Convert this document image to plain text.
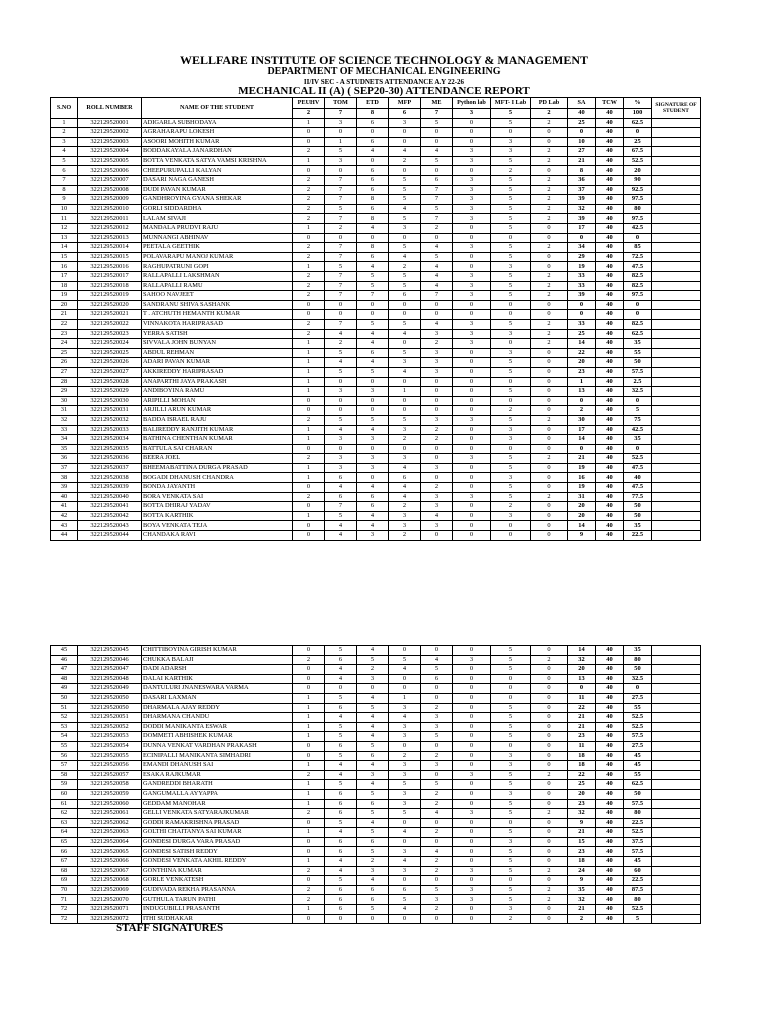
WELLFARE INSTITUTE OF SCIENCE TECHNOLOGY & MANAGEMENT
DEPARTMENT OF MECHANICAL ENGINEERING
II/IV SEC - A STUDNETS ATTENDANCE A.Y 22-26
MECHANICAL II (A) ( SEP20-30) ATTENDANCE REPORT
S.NO	ROLL NUMBER	NAME OF THE STUDENT	PEUHV	TOM	ETD	MFP	ME	Python lab	MFT- I Lab	PD Lab	SA	TCW	%	SIGNATURE OF STUDENT
			2	7	8	6	7	3	5	2	40	40	100	
1	322129520001	ADIGARLA SUBHODAYA	1	3	6	3	5	0	5	2	25	40	62.5	
2	322129520002	AGRAHARAPU LOKESH	0	0	0	0	0	0	0	0	0	40	0	
3	322129520003	ASOORI MOHITH KUMAR	0	1	6	0	0	0	3	0	10	40	25	
4	322129520004	BODDAKAYALA JANARDHAN	2	5	4	4	4	3	3	2	27	40	67.5	
5	322129520005	BOTTA VENKATA SATYA VAMSI KRISHNA	1	3	0	2	5	3	5	2	21	40	52.5	
6	322129520006	CHEEPURUPALLI KALYAN	0	0	6	0	0	0	2	0	8	40	20	
7	322129520007	DASARI NAGA GANESH	2	7	6	5	6	3	5	2	36	40	90	
8	322129520008	DUDI PAVAN KUMAR	2	7	6	5	7	3	5	2	37	40	92.5	
9	322129520009	GANDHROYINA GYANA SHEKAR	2	7	8	5	7	3	5	2	39	40	97.5	
10	322129520010	GORLI SIDDARDHA	2	5	6	4	5	3	5	2	32	40	80	
11	322129520011	LALAM SIVAJI	2	7	8	5	7	3	5	2	39	40	97.5	
12	322129520012	MANDALA PRUDVI RAJU	1	2	4	3	2	0	5	0	17	40	42.5	
13	322129520013	MUNNANGI ABHINAV	0	0	0	0	0	0	0	0	0	40	0	
14	322129520014	PEETALA GEETHIK	2	7	8	5	4	3	5	2	34	40	85	
15	322129520015	POLAVARAPU MANOJ KUMAR	2	7	6	4	5	0	5	0	29	40	72.5	
16	322129520016	RAGHUPATRUNI GOPI	1	5	4	2	4	0	3	0	19	40	47.5	
17	322129520017	RALLAPALLI LAKSHMAN	2	7	5	5	4	3	5	2	33	40	82.5	
18	322129520018	RALLAPALLI RAMU	2	7	5	5	4	3	5	2	33	40	82.5	
19	322129520019	SAHOO NAVJEET	2	7	7	6	7	3	5	2	39	40	97.5	
20	322129520020	SANDRANU SHIVA SASHANK	0	0	0	0	0	0	0	0	0	40	0	
21	322129520021	T . ATCHUTH HEMANTH KUMAR	0	0	0	0	0	0	0	0	0	40	0	
22	322129520022	VINNAKOTA HARIPRASAD	2	7	5	5	4	3	5	2	33	40	82.5	
23	322129520023	YERRA SATISH	2	4	4	4	3	3	3	2	25	40	62.5	
24	322129520024	SIVVALA JOHN BUNYAN	1	2	4	0	2	3	0	2	14	40	35	
25	322129520025	ABDUL REHMAN	1	5	6	5	3	0	3	0	22	40	55	
26	322129520026	ADARI PAVAN KUMAR	1	4	4	3	3	0	5	0	20	40	50	
27	322129520027	AKKIREDDY HARIPRASAD	1	5	5	4	3	0	5	0	23	40	57.5	
28	322129520028	ANAPARTHI JAYA PRAKASH	1	0	0	0	0	0	0	0	1	40	2.5	
29	322129520029	ANDIBOYINA RAMU	1	3	3	1	0	0	5	0	13	40	32.5	
30	322129520030	ARIPILLI MOHAN	0	0	0	0	0	0	0	0	0	40	0	
31	322129520031	ARJILLI ARUN KUMAR	0	0	0	0	0	0	2	0	2	40	5	
32	322129520032	BADDA ISRAEL RAJU	2	5	5	5	3	3	5	2	30	40	75	
33	322129520033	BALIREDDY RANJITH KUMAR	1	4	4	3	2	0	3	0	17	40	42.5	
34	322129520034	BATHINA CHENTHAN KUMAR	1	3	3	2	2	0	3	0	14	40	35	
35	322129520035	BATTULA SAI CHARAN	0	0	0	0	0	0	0	0	0	40	0	
36	322129520036	BEERA JOEL	2	3	3	3	0	3	5	2	21	40	52.5	
37	322129520037	BHEEMABATTINA DURGA PRASAD	1	3	3	4	3	0	5	0	19	40	47.5	
38	322129520038	BOGADI DHANUSH CHANDRA	1	6	0	6	0	0	3	0	16	40	40	
39	322129520039	BONDA JAYANTH	0	4	4	4	2	0	5	0	19	40	47.5	
40	322129520040	BORA VENKATA SAI	2	6	6	4	3	3	5	2	31	40	77.5	
41	322129520041	BOTTA DHIRAJ YADAV	0	7	6	2	3	0	2	0	20	40	50	
42	322129520042	BOTTA KARTHIK	1	5	4	3	4	0	3	0	20	40	50	
43	322129520043	BOYA VENKATA TEJA	0	4	4	3	3	0	0	0	14	40	35	
44	322129520044	CHANDAKA RAVI	0	4	3	2	0	0	0	0	9	40	22.5	
45	322129520045	CHITTIBOYINA GIRISH KUMAR	0	5	4	0	0	0	5	0	14	40	35	
46	322129520046	CHUKKA BALAJI	2	6	5	5	4	3	5	2	32	40	80	
47	322129520047	DADI ADARSH	0	4	2	4	5	0	5	0	20	40	50	
48	322129520048	DALAI KARTHIK	0	4	3	0	6	0	0	0	13	40	32.5	
49	322129520049	DANTULURI JNANESWARA VARMA	0	0	0	0	0	0	0	0	0	40	0	
50	322129520050	DASARI LAXMAN	1	5	4	1	0	0	0	0	11	40	27.5	
51	322129520050	DHARMALA AJAY REDDY	1	6	5	3	2	0	5	0	22	40	55	
52	322129520051	DHARMANA CHANDU	1	4	4	4	3	0	5	0	21	40	52.5	
53	322129520052	DODDI MANIKANTA ESWAR	1	5	4	3	3	0	5	0	21	40	52.5	
54	322129520053	DOMMETI ABHISHEK KUMAR	1	5	4	3	5	0	5	0	23	40	57.5	
55	322129520054	DUNNA VENKAT VARDHAN PRAKASH	0	6	5	0	0	0	0	0	11	40	27.5	
56	322129520055	ECINIPALLI MANIKANTA SIMHADRI	0	5	6	2	2	0	3	0	18	40	45	
57	322129520056	EMANDI DHANUSH SAI	1	4	4	3	3	0	3	0	18	40	45	
58	322129520057	ESAKA RAJKUMAR	2	4	3	3	0	3	5	2	22	40	55	
59	322129520058	GANDREDDI BHARATH	1	5	4	5	5	0	5	0	25	40	62.5	
60	322129520059	GANGUMALLA AYYAPPA	1	6	5	3	2	0	3	0	20	40	50	
61	322129520060	GEDDAM MANOHAR	1	6	6	3	2	0	5	0	23	40	57.5	
62	322129520061	GELLI VENKATA SATYARAJKUMAR	2	6	5	5	4	3	5	2	32	40	80	
63	322129520062	GODDI RAMAKRISHNA PRASAD	0	5	4	0	0	0	0	0	9	40	22.5	
64	322129520063	GOLTHI CHAITANYA SAI KUMAR	1	4	5	4	2	0	5	0	21	40	52.5	
65	322129520064	GONDESI DURGA VARA PRASAD	0	6	6	0	0	0	3	0	15	40	37.5	
66	322129520065	GONDESI SATISH REDDY	0	6	5	3	4	0	5	0	23	40	57.5	
67	322129520066	GONDESI VENKATA AKHIL REDDY	1	4	2	4	2	0	5	0	18	40	45	
68	322129520067	GONTHINA KUMAR	2	4	3	3	2	3	5	2	24	40	60	
69	322129520068	GORLE VENKATESH	0	5	4	0	0	0	0	0	9	40	22.5	
70	322129520069	GUDIVADA REKHA PRASANNA	2	6	6	6	5	3	5	2	35	40	87.5	
71	322129520070	GUTHULA TARUN PATHI	2	6	6	5	3	3	5	2	32	40	80	
72	322129520071	INDUGUBILLI PRASANTH	1	6	5	4	2	0	3	0	21	40	52.5	
72	322129520072	ITHI SUDHAKAR	0	0	0	0	0	0	2	0	2	40	5	
STAFF SIGNATURES
